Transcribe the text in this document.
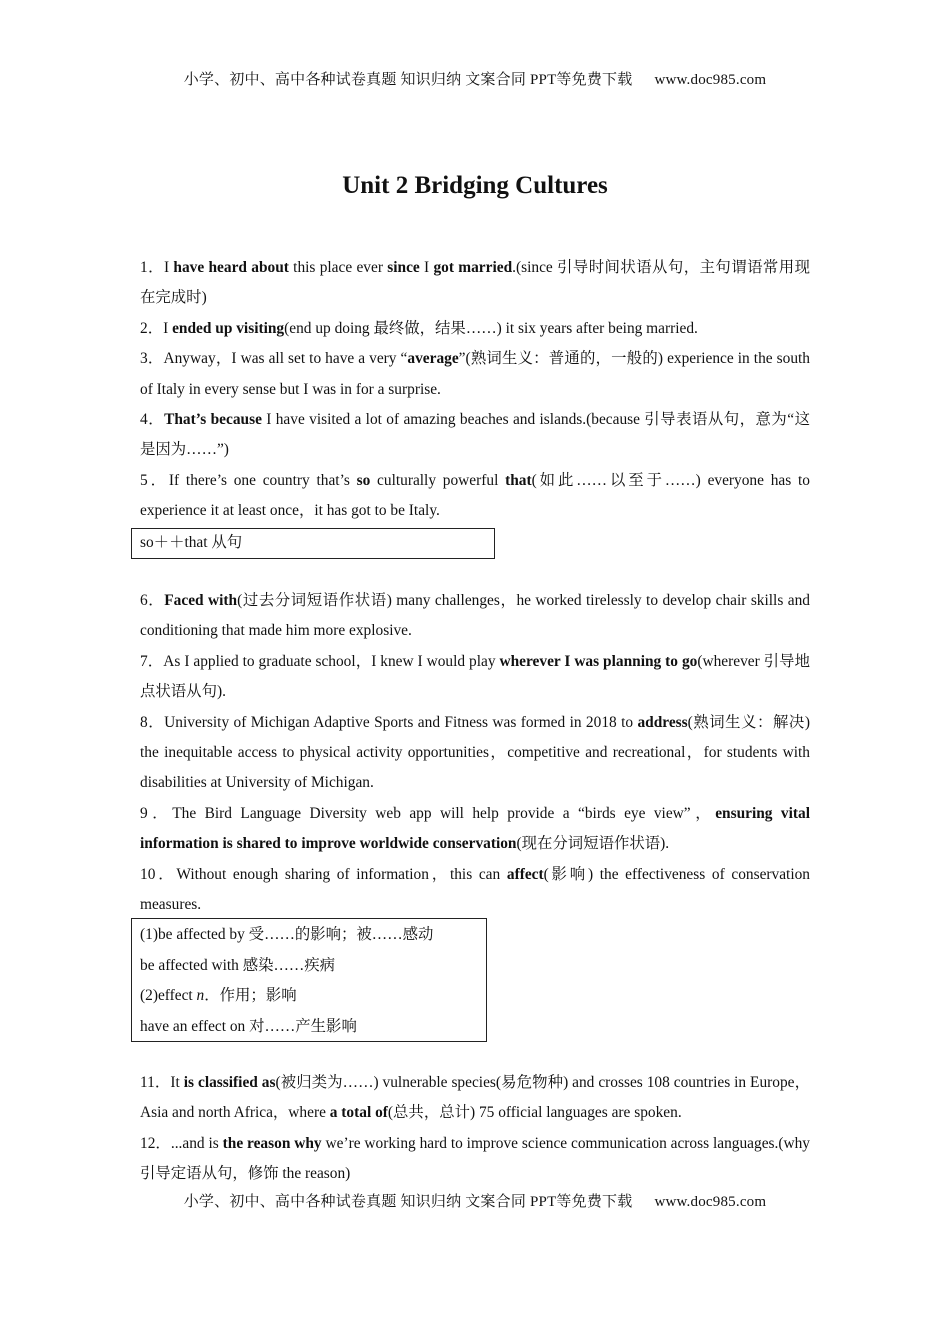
小学、初中、高中各种试卷真题 知识归纳 文案合同 PPT等免费下载 www.doc985.com
Unit 2 Bridging Cultures
1．I have heard about this place ever since I got married.(since 引导时间状语从句，主句谓语常用现在完成时)
2．I ended up visiting(end up doing 最终做，结果……) it six years after being married.
3．Anyway，I was all set to have a very “average”(熟词生义：普通的，一般的) experience in the south of Italy in every sense but I was in for a surprise.
4．That’s because I have visited a lot of amazing beaches and islands.(because 引导表语从句，意为“这是因为……”)
5．If there’s one country that’s so culturally powerful that(如此……以至于……) everyone has to experience it at least once，it has got to be Italy.
so＋＋that 从句
6．Faced with(过去分词短语作状语) many challenges，he worked tirelessly to develop chair skills and conditioning that made him more explosive.
7．As I applied to graduate school，I knew I would play wherever I was planning to go(wherever 引导地点状语从句).
8．University of Michigan Adaptive Sports and Fitness was formed in 2018 to address(熟词生义：解决) the inequitable access to physical activity opportunities，competitive and recreational，for students with disabilities at University of Michigan.
9．The Bird Language Diversity web app will help provide a “birds eye view”，ensuring vital information is shared to improve worldwide conservation(现在分词短语作状语).
10．Without enough sharing of information，this can affect(影响) the effectiveness of conservation measures.
(1)be affected by 受……的影响；被……感动
be affected with 感染……疾病
(2)effect n．作用；影响
have an effect on 对……产生影响
11．It is classified as(被归类为……) vulnerable species(易危物种) and crosses 108 countries in Europe，Asia and north Africa，where a total of(总共，总计) 75 official languages are spoken.
12．...and is the reason why we’re working hard to improve science communication across languages.(why 引导定语从句，修饰 the reason)
小学、初中、高中各种试卷真题 知识归纳 文案合同 PPT等免费下载 www.doc985.com
